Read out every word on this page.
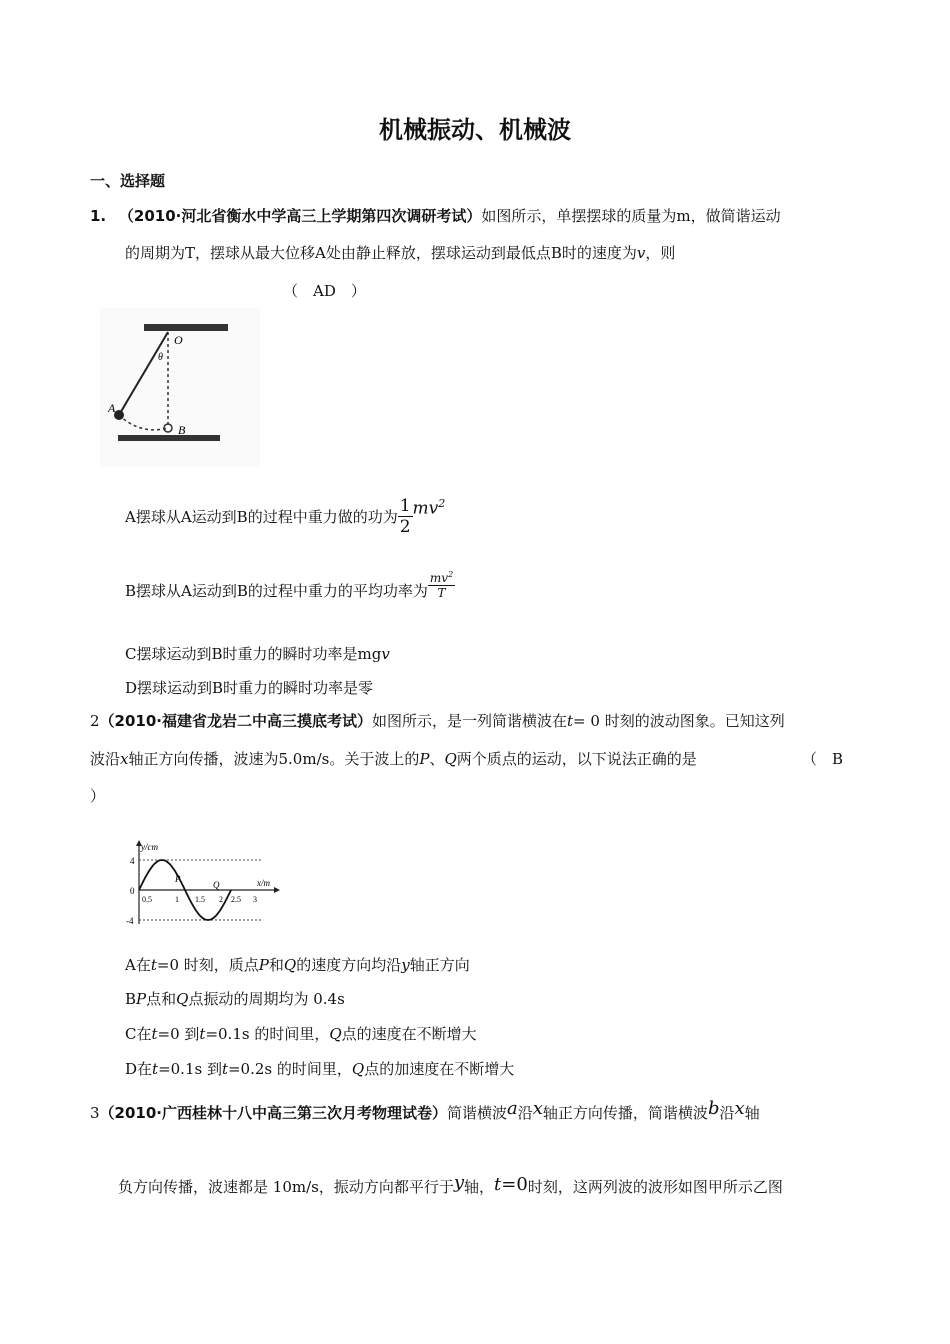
机械振动、机械波
一、选择题
1. （2010·河北省衡水中学高三上学期第四次调研考试）如图所示，单摆摆球的质量为m，做简谐运动
的周期为T，摆球从最大位移A处由静止释放，摆球运动到最低点B时的速度为v，则
（　AD　）
O
θ
A
B
A摆球从A运动到B的过程中重力做的功为 $\frac{1}{2} mv^2$
B摆球从A运动到B的过程中重力的平均功率为 $\frac{mv^2}{T}$
C摆球运动到B时重力的瞬时功率是mgv
D摆球运动到B时重力的瞬时功率是零
2（2010·福建省龙岩二中高三摸底考试）如图所示，是一列简谐横波在t= 0 时刻的波动图象。已知这列
波沿x轴正方向传播，波速为5.0m/s。关于波上的P、Q两个质点的运动，以下说法正确的是	（　B
）
y/cm
x/m
4
0
-4
0.5	1 1.5 2 2.5 3
P
Q
A在t=0 时刻，质点P和Q的速度方向均沿y轴正方向
BP点和Q点振动的周期均为 0.4s
C在t=0 到t=0.1s 的时间里，Q点的速度在不断增大
D在t=0.1s 到t=0.2s 的时间里，Q点的加速度在不断增大
3（2010·广西桂林十八中高三第三次月考物理试卷）简谐横波a沿x轴正方向传播，简谐横波b沿x轴
负方向传播，波速都是 10m/s，振动方向都平行于y轴，t=0时刻，这两列波的波形如图甲所示乙图
